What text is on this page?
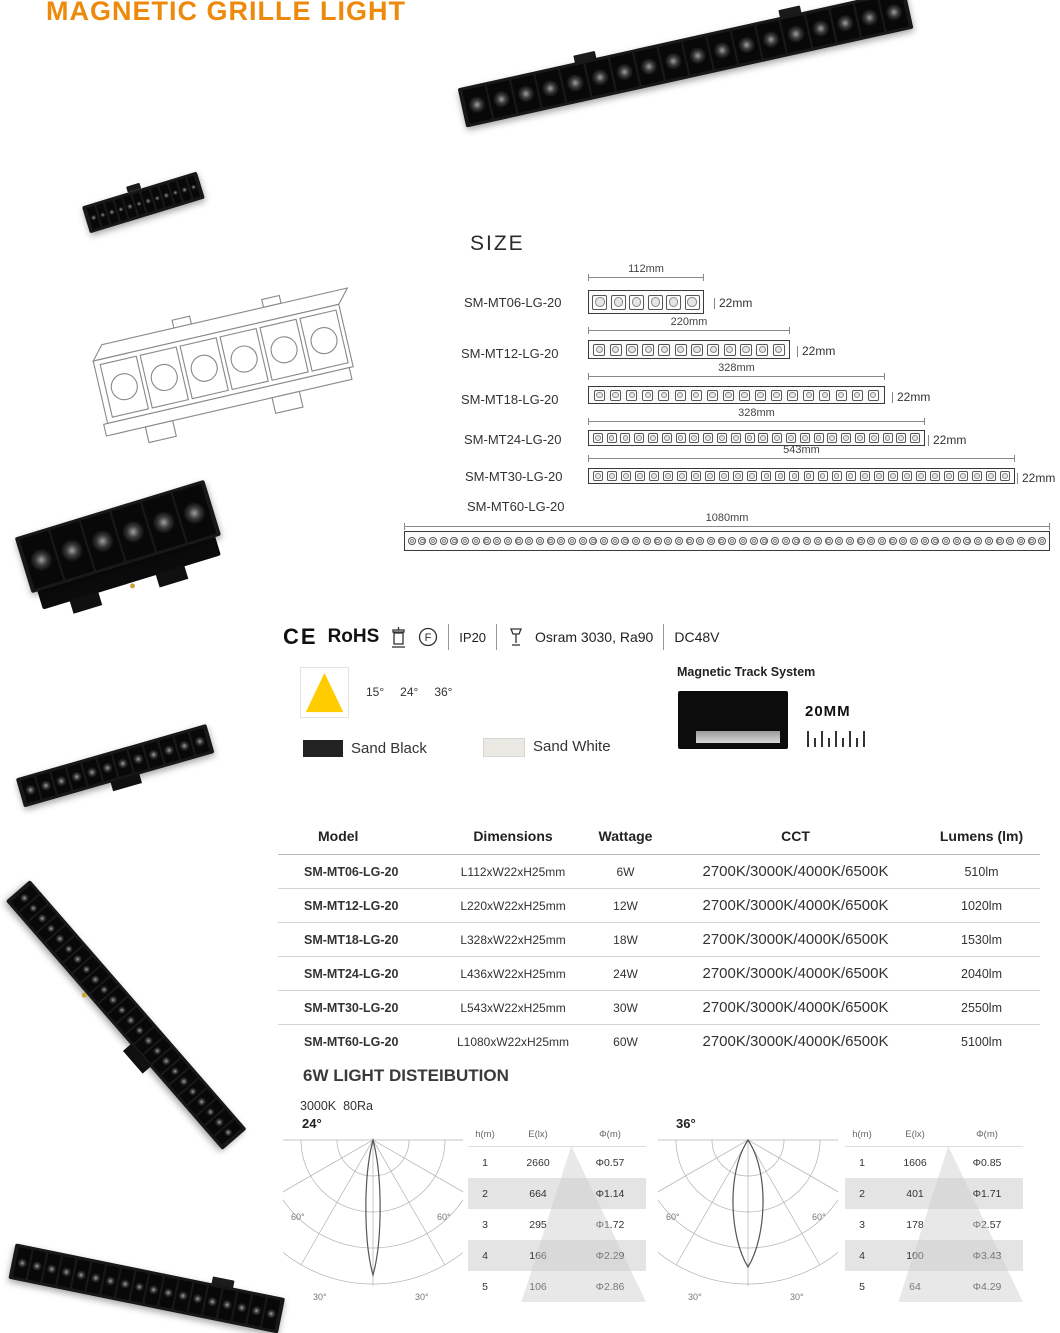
MAGNETIC GRILLE LIGHT
SIZE
SM-MT06-LG-20
112mm
22mm
SM-MT12-LG-20
220mm
22mm
SM-MT18-LG-20
328mm
22mm
SM-MT24-LG-20
328mm
22mm
SM-MT30-LG-20
543mm
22mm
SM-MT60-LG-20
1080mm
CE RoHS	F IP20	Osram 3030, Ra90 DC48V
15° 24° 36°
Sand Black	Sand White
Magnetic Track System
20MM
Model	Dimensions	Wattage	CCT	Lumens (lm)
SM-MT06-LG-20	L112xW22xH25mm	6W	2700K/3000K/4000K/6500K	510lm
SM-MT12-LG-20	L220xW22xH25mm	12W	2700K/3000K/4000K/6500K	1020lm
SM-MT18-LG-20	L328xW22xH25mm	18W	2700K/3000K/4000K/6500K	1530lm
SM-MT24-LG-20	L436xW22xH25mm	24W	2700K/3000K/4000K/6500K	2040lm
SM-MT30-LG-20	L543xW22xH25mm	30W	2700K/3000K/4000K/6500K	2550lm
SM-MT60-LG-20	L1080xW22xH25mm	60W	2700K/3000K/4000K/6500K	5100lm
6W LIGHT DISTEIBUTION
3000K  80Ra
24°
60°	60°
30°	30°
h(m)	E(lx)	Φ(m)
1	2660	Φ0.57
2	664	Φ1.14
3	295	Φ1.72
4	166	Φ2.29
5	106	Φ2.86
36°
60°	60°
30°	30°
h(m)	E(lx)	Φ(m)
1	1606	Φ0.85
2	401	Φ1.71
3	178	Φ2.57
4	100	Φ3.43
5	64	Φ4.29
